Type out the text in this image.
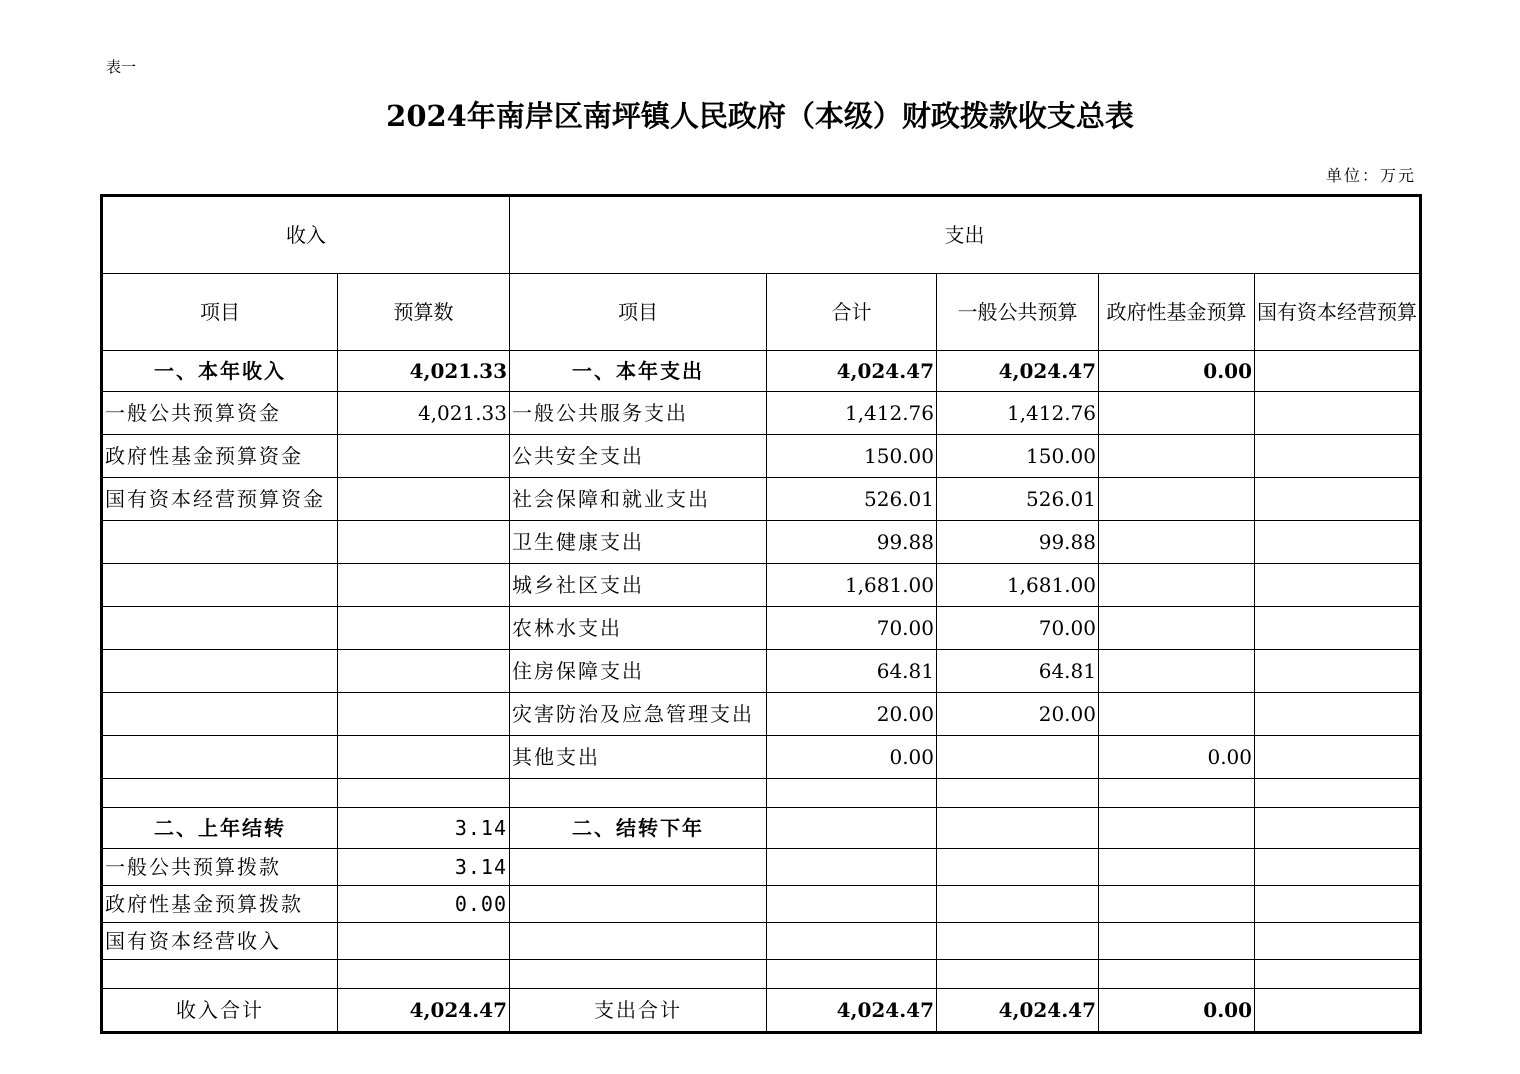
表一
2024年南岸区南坪镇人民政府（本级）财政拨款收支总表
单位：万元
收入		支出				
项目	预算数	项目	合计	一般公共预算	政府性基金预算	国有资本经营预算
一、本年收入	4,021.33	一、本年支出	4,024.47	4,024.47	0.00	
一般公共预算资金	4,021.33	一般公共服务支出	1,412.76	1,412.76		
政府性基金预算资金		公共安全支出	150.00	150.00		
国有资本经营预算资金		社会保障和就业支出	526.01	526.01		
		卫生健康支出	99.88	99.88		
		城乡社区支出	1,681.00	1,681.00		
		农林水支出	70.00	70.00		
		住房保障支出	64.81	64.81		
		灾害防治及应急管理支出	20.00	20.00		
		其他支出	0.00		0.00	

二、上年结转	3.14	二、结转下年				
一般公共预算拨款	3.14					
政府性基金预算拨款	0.00					
国有资本经营收入						

收入合计	4,024.47	支出合计	4,024.47	4,024.47	0.00	
